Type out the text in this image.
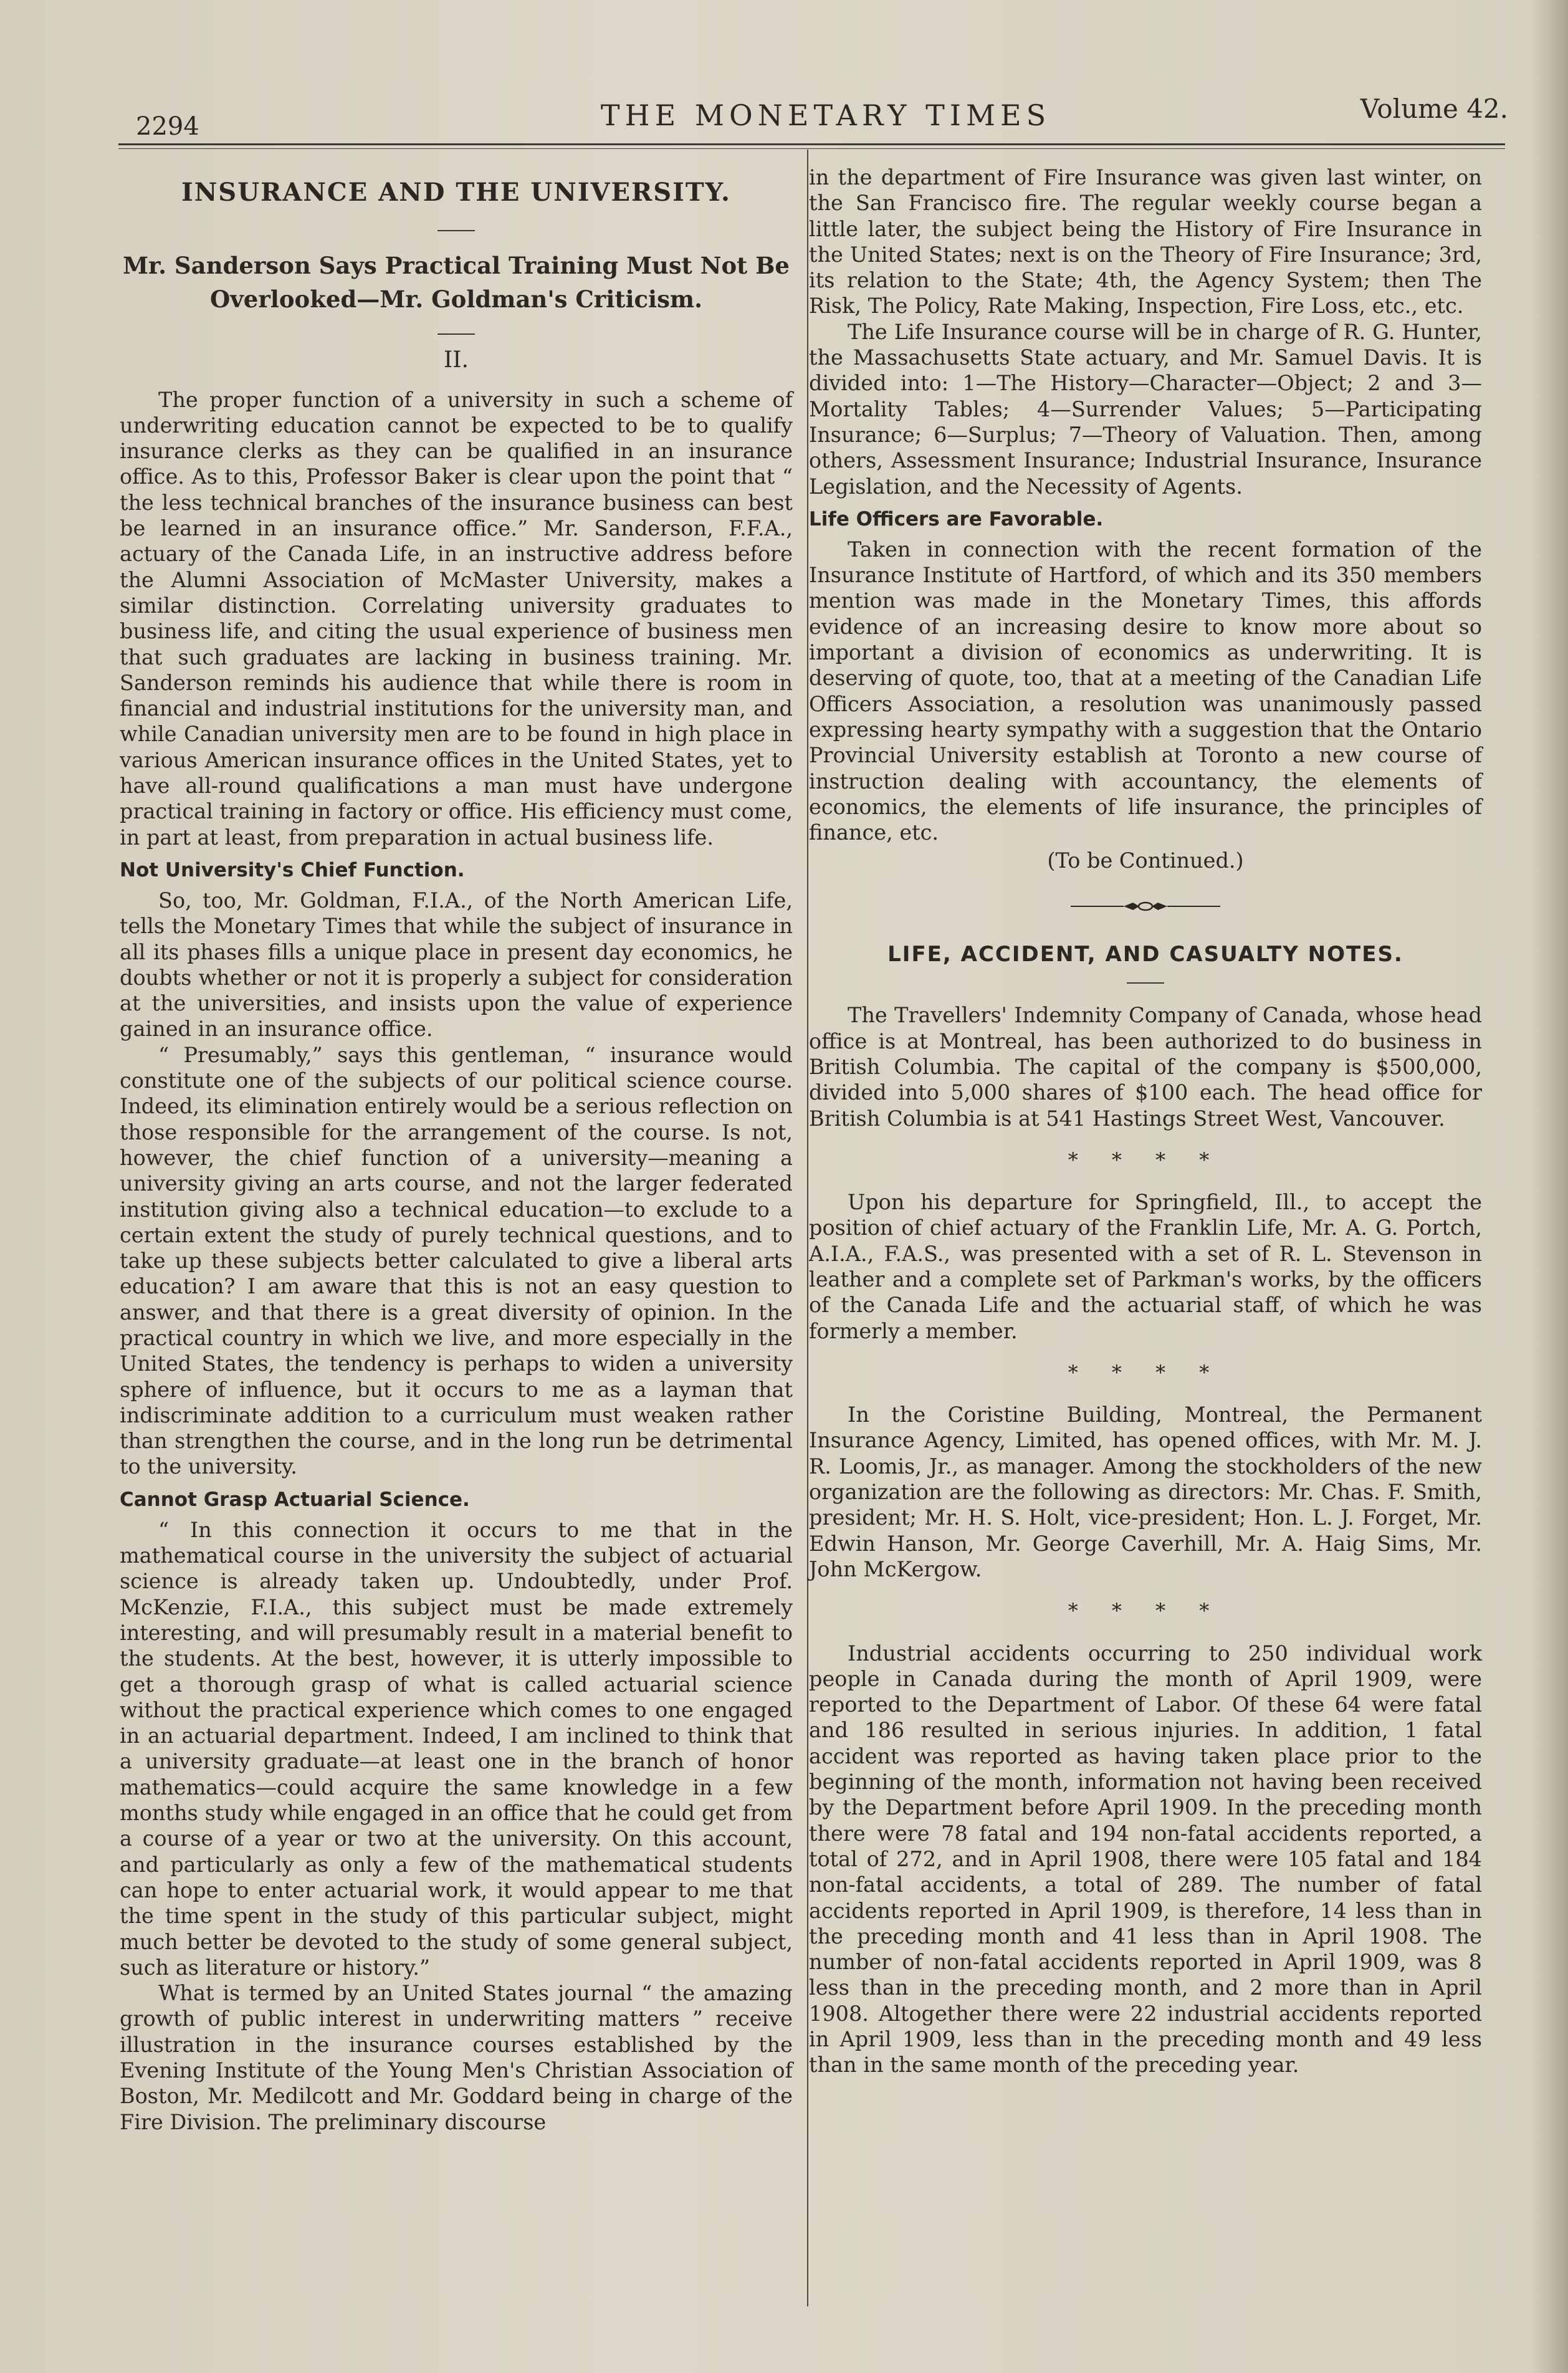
2294	THE MONETARY TIMES	Volume 42.
INSURANCE AND THE UNIVERSITY.
Mr. Sanderson Says Practical Training Must Not Be Overlooked—Mr. Goldman's Criticism.
II.

The proper function of a university in such a scheme of underwriting education cannot be expected to be to qualify insurance clerks as they can be qualified in an insurance office. As to this, Professor Baker is clear upon the point that “ the less technical branches of the insurance business can best be learned in an insurance office.” Mr. Sanderson, F.F.A., actuary of the Canada Life, in an instructive address before the Alumni Association of McMaster University, makes a similar distinction. Correlating university graduates to business life, and citing the usual experience of business men that such graduates are lacking in business training. Mr. Sanderson reminds his audience that while there is room in financial and industrial institutions for the university man, and while Canadian university men are to be found in high place in various American insurance offices in the United States, yet to have all-round qualifications a man must have undergone practical training in factory or office. His efficiency must come, in part at least, from preparation in actual business life.

Not University's Chief Function.

So, too, Mr. Goldman, F.I.A., of the North American Life, tells the Monetary Times that while the subject of insurance in all its phases fills a unique place in present day economics, he doubts whether or not it is properly a subject for consideration at the universities, and insists upon the value of experience gained in an insurance office.

“ Presumably,” says this gentleman, “ insurance would constitute one of the subjects of our political science course. Indeed, its elimination entirely would be a serious reflection on those responsible for the arrangement of the course. Is not, however, the chief function of a university—meaning a university giving an arts course, and not the larger federated institution giving also a technical education—to exclude to a certain extent the study of purely technical questions, and to take up these subjects better calculated to give a liberal arts education? I am aware that this is not an easy question to answer, and that there is a great diversity of opinion. In the practical country in which we live, and more especially in the United States, the tendency is perhaps to widen a university sphere of influence, but it occurs to me as a layman that indiscriminate addition to a curriculum must weaken rather than strengthen the course, and in the long run be detrimental to the university.

Cannot Grasp Actuarial Science.

“ In this connection it occurs to me that in the mathematical course in the university the subject of actuarial science is already taken up. Undoubtedly, under Prof. McKenzie, F.I.A., this subject must be made extremely interesting, and will presumably result in a material benefit to the students. At the best, however, it is utterly impossible to get a thorough grasp of what is called actuarial science without the practical experience which comes to one engaged in an actuarial department. Indeed, I am inclined to think that a university graduate—at least one in the branch of honor mathematics—could acquire the same knowledge in a few months study while engaged in an office that he could get from a course of a year or two at the university. On this account, and particularly as only a few of the mathematical students can hope to enter actuarial work, it would appear to me that the time spent in the study of this particular subject, might much better be devoted to the study of some general subject, such as literature or history.”

What is termed by an United States journal “ the amazing growth of public interest in underwriting matters ” receive illustration in the insurance courses established by the Evening Institute of the Young Men's Christian Association of Boston, Mr. Medilcott and Mr. Goddard being in charge of the Fire Division. The preliminary discourse

in the department of Fire Insurance was given last winter, on the San Francisco fire. The regular weekly course began a little later, the subject being the History of Fire Insurance in the United States; next is on the Theory of Fire Insurance; 3rd, its relation to the State; 4th, the Agency System; then The Risk, The Policy, Rate Making, Inspection, Fire Loss, etc., etc.

The Life Insurance course will be in charge of R. G. Hunter, the Massachusetts State actuary, and Mr. Samuel Davis. It is divided into: 1—The History—Character—Object; 2 and 3—Mortality Tables; 4—Surrender Values; 5—Participating Insurance; 6—Surplus; 7—Theory of Valuation. Then, among others, Assessment Insurance; Industrial Insurance, Insurance Legislation, and the Necessity of Agents.

Life Officers are Favorable.

Taken in connection with the recent formation of the Insurance Institute of Hartford, of which and its 350 members mention was made in the Monetary Times, this affords evidence of an increasing desire to know more about so important a division of economics as underwriting. It is deserving of quote, too, that at a meeting of the Canadian Life Officers Association, a resolution was unanimously passed expressing hearty sympathy with a suggestion that the Ontario Provincial University establish at Toronto a new course of instruction dealing with accountancy, the elements of economics, the elements of life insurance, the principles of finance, etc.

(To be Continued.)
LIFE, ACCIDENT, AND CASUALTY NOTES.

The Travellers' Indemnity Company of Canada, whose head office is at Montreal, has been authorized to do business in British Columbia. The capital of the company is $500,000, divided into 5,000 shares of $100 each. The head office for British Columbia is at 541 Hastings Street West, Vancouver.

* * * *

Upon his departure for Springfield, Ill., to accept the position of chief actuary of the Franklin Life, Mr. A. G. Portch, A.I.A., F.A.S., was presented with a set of R. L. Stevenson in leather and a complete set of Parkman's works, by the officers of the Canada Life and the actuarial staff, of which he was formerly a member.

* * * *

In the Coristine Building, Montreal, the Permanent Insurance Agency, Limited, has opened offices, with Mr. M. J. R. Loomis, Jr., as manager. Among the stockholders of the new organization are the following as directors: Mr. Chas. F. Smith, president; Mr. H. S. Holt, vice-president; Hon. L. J. Forget, Mr. Edwin Hanson, Mr. George Caverhill, Mr. A. Haig Sims, Mr. John McKergow.

* * * *

Industrial accidents occurring to 250 individual work people in Canada during the month of April 1909, were reported to the Department of Labor. Of these 64 were fatal and 186 resulted in serious injuries. In addition, 1 fatal accident was reported as having taken place prior to the beginning of the month, information not having been received by the Department before April 1909. In the preceding month there were 78 fatal and 194 non-fatal accidents reported, a total of 272, and in April 1908, there were 105 fatal and 184 non-fatal accidents, a total of 289. The number of fatal accidents reported in April 1909, is therefore, 14 less than in the preceding month and 41 less than in April 1908. The number of non-fatal accidents reported in April 1909, was 8 less than in the preceding month, and 2 more than in April 1908. Altogether there were 22 industrial accidents reported in April 1909, less than in the preceding month and 49 less than in the same month of the preceding year.
